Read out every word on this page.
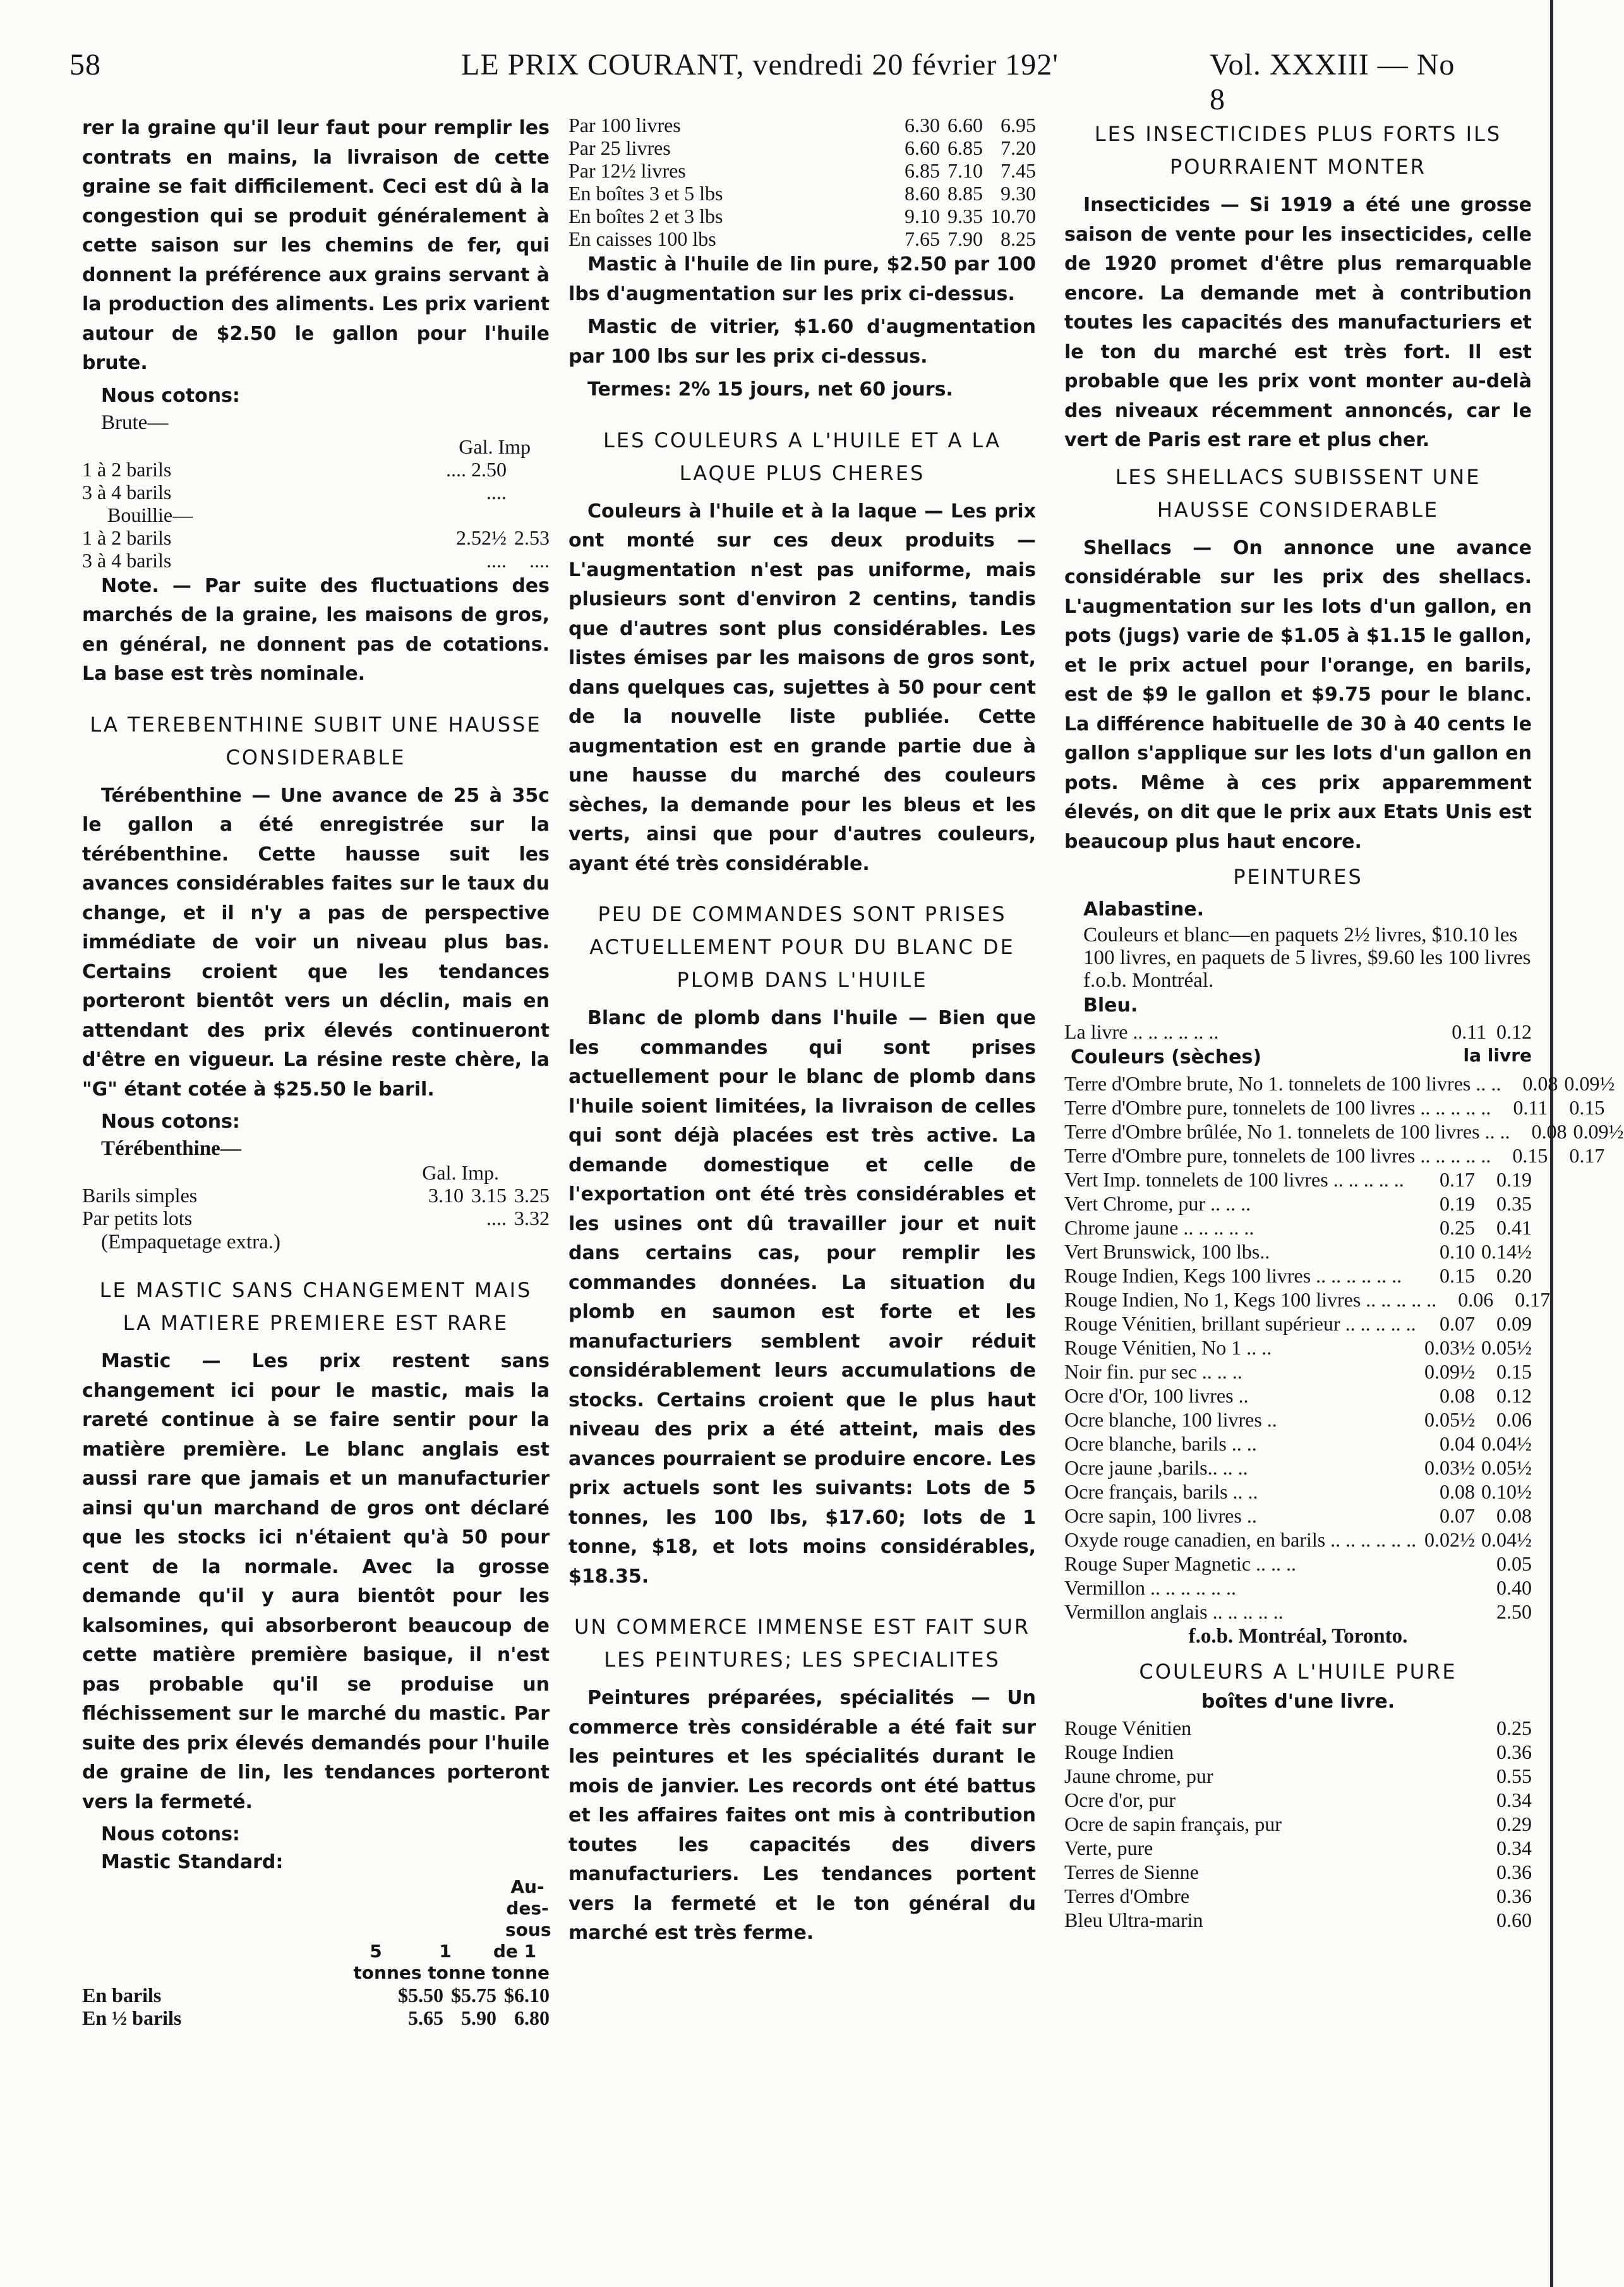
58	LE PRIX COURANT, vendredi 20 février 192'	Vol. XXXIII — No 8

rer la graine qu'il leur faut pour remplir les contrats en mains, la livraison de cette graine se fait difficilement. Ceci est dû à la congestion qui se produit généralement à cette saison sur les chemins de fer, qui donnent la préférence aux grains servant à la production des aliments. Les prix varient autour de $2.50 le gallon pour l'huile brute.

Nous cotons:
Brute—
Gal. Imp
1 à 2 barils	.... 2.50	
3 à 4 barils	....	
Bouillie—		
1 à 2 barils	2.52½	2.53
3 à 4 barils	....	....

Note. — Par suite des fluctuations des marchés de la graine, les maisons de gros, en général, ne donnent pas de cotations. La base est très nominale.

LA TEREBENTHINE SUBIT UNE HAUSSE CONSIDERABLE

Térébenthine — Une avance de 25 à 35c le gallon a été enregistrée sur la térébenthine. Cette hausse suit les avances considérables faites sur le taux du change, et il n'y a pas de perspective immédiate de voir un niveau plus bas. Certains croient que les tendances porteront bientôt vers un déclin, mais en attendant des prix élevés continueront d'être en vigueur. La résine reste chère, la "G" étant cotée à $25.50 le baril.

Nous cotons:
Térébenthine—
Gal. Imp.
Barils simples	3.10	3.15	3.25
Par petits lots		....	3.32
(Empaquetage extra.)
LE MASTIC SANS CHANGEMENT MAIS LA MATIERE PREMIERE EST RARE

Mastic — Les prix restent sans changement ici pour le mastic, mais la rareté continue à se faire sentir pour la matière première. Le blanc anglais est aussi rare que jamais et un manufacturier ainsi qu'un marchand de gros ont déclaré que les stocks ici n'étaient qu'à 50 pour cent de la normale. Avec la grosse demande qu'il y aura bientôt pour les kalsomines, qui absorberont beaucoup de cette matière première basique, il n'est pas probable qu'il se produise un fléchissement sur le marché du mastic. Par suite des prix élevés demandés pour l'huile de graine de lin, les tendances porteront vers la fermeté.

Nous cotons:
Mastic Standard:
Au-des-sous
5	1 de 1
tonnes tonne tonne
En barils	$5.50	$5.75	$6.10
En ½ barils	5.65	5.90	6.80
Par 100 livres	6.30	6.60	6.95
Par 25 livres	6.60	6.85	7.20
Par 12½ livres	6.85	7.10	7.45
En boîtes 3 et 5 lbs	8.60	8.85	9.30
En boîtes 2 et 3 lbs	9.10	9.35	10.70
En caisses 100 lbs	7.65	7.90	8.25

Mastic à l'huile de lin pure, $2.50 par 100 lbs d'augmentation sur les prix ci-dessus.

Mastic de vitrier, $1.60 d'augmentation par 100 lbs sur les prix ci-dessus.

Termes: 2% 15 jours, net 60 jours.

LES COULEURS A L'HUILE ET A LA LAQUE PLUS CHERES

Couleurs à l'huile et à la laque — Les prix ont monté sur ces deux produits — L'augmentation n'est pas uniforme, mais plusieurs sont d'environ 2 centins, tandis que d'autres sont plus considérables. Les listes émises par les maisons de gros sont, dans quelques cas, sujettes à 50 pour cent de la nouvelle liste publiée. Cette augmentation est en grande partie due à une hausse du marché des couleurs sèches, la demande pour les bleus et les verts, ainsi que pour d'autres couleurs, ayant été très considérable.

PEU DE COMMANDES SONT PRISES ACTUELLEMENT POUR DU BLANC DE PLOMB DANS L'HUILE

Blanc de plomb dans l'huile — Bien que les commandes qui sont prises actuellement pour le blanc de plomb dans l'huile soient limitées, la livraison de celles qui sont déjà placées est très active. La demande domestique et celle de l'exportation ont été très considérables et les usines ont dû travailler jour et nuit dans certains cas, pour remplir les commandes données. La situation du plomb en saumon est forte et les manufacturiers semblent avoir réduit considérablement leurs accumulations de stocks. Certains croient que le plus haut niveau des prix a été atteint, mais des avances pourraient se produire encore. Les prix actuels sont les suivants: Lots de 5 tonnes, les 100 lbs, $17.60; lots de 1 tonne, $18, et lots moins considérables, $18.35.

UN COMMERCE IMMENSE EST FAIT SUR LES PEINTURES; LES SPECIALITES

Peintures préparées, spécialités — Un commerce très considérable a été fait sur les peintures et les spécialités durant le mois de janvier. Les records ont été battus et les affaires faites ont mis à contribution toutes les capacités des divers manufacturiers. Les tendances portent vers la fermeté et le ton général du marché est très ferme.

LES INSECTICIDES PLUS FORTS ILS POURRAIENT MONTER

Insecticides — Si 1919 a été une grosse saison de vente pour les insecticides, celle de 1920 promet d'être plus remarquable encore. La demande met à contribution toutes les capacités des manufacturiers et le ton du marché est très fort. Il est probable que les prix vont monter au-delà des niveaux récemment annoncés, car le vert de Paris est rare et plus cher.

LES SHELLACS SUBISSENT UNE HAUSSE CONSIDERABLE

Shellacs — On annonce une avance considérable sur les prix des shellacs. L'augmentation sur les lots d'un gallon, en pots (jugs) varie de $1.05 à $1.15 le gallon, et le prix actuel pour l'orange, en barils, est de $9 le gallon et $9.75 pour le blanc. La différence habituelle de 30 à 40 cents le gallon s'applique sur les lots d'un gallon en pots. Même à ces prix apparemment élevés, on dit que le prix aux Etats Unis est beaucoup plus haut encore.

PEINTURES
Alabastine.
Couleurs et blanc—en paquets 2½ livres, $10.10 les 100 livres, en paquets de 5 livres, $9.60 les 100 livres f.o.b. Montréal.
Bleu.
La livre .. .. .. .. .. ..	0.11 0.12
Couleurs (sèches)	la livre
Terre d'Ombre brute, No 1. tonnelets de 100 livres .. ..	0.08 0.09½
Terre d'Ombre pure, tonnelets de 100 livres .. .. .. .. ..	0.11 0.15
Terre d'Ombre brûlée, No 1. tonnelets de 100 livres .. ..	0.08 0.09½
Terre d'Ombre pure, tonnelets de 100 livres .. .. .. .. ..	0.15 0.17
Vert Imp. tonnelets de 100 livres .. .. .. .. ..	0.17 0.19
Vert Chrome, pur .. .. ..	0.19 0.35
Chrome jaune .. .. .. .. ..	0.25 0.41
Vert Brunswick, 100 lbs..	0.10 0.14½
Rouge Indien, Kegs 100 livres .. .. .. .. .. ..	0.15 0.20
Rouge Indien, No 1, Kegs 100 livres .. .. .. .. ..	0.06 0.17
Rouge Vénitien, brillant supérieur .. .. .. .. ..	0.07 0.09
Rouge Vénitien, No 1 .. ..	0.03½ 0.05½
Noir fin. pur sec .. .. ..	0.09½ 0.15
Ocre d'Or, 100 livres ..	0.08 0.12
Ocre blanche, 100 livres ..	0.05½ 0.06
Ocre blanche, barils .. ..	0.04 0.04½
Ocre jaune ,barils.. .. ..	0.03½ 0.05½
Ocre français, barils .. ..	0.08 0.10½
Ocre sapin, 100 livres ..	0.07 0.08
Oxyde rouge canadien, en barils .. .. .. .. .. .. 0.02½ 0.04½
Rouge Super Magnetic .. .. ..	0.05
Vermillon .. .. .. .. .. ..	0.40
Vermillon anglais .. .. .. .. ..	2.50
f.o.b. Montréal, Toronto.
COULEURS A L'HUILE PURE
boîtes d'une livre.
Rouge Vénitien	0.25
Rouge Indien	0.36
Jaune chrome, pur	0.55
Ocre d'or, pur	0.34
Ocre de sapin français, pur	0.29
Verte, pure	0.34
Terres de Sienne	0.36
Terres d'Ombre	0.36
Bleu Ultra-marin	0.60
